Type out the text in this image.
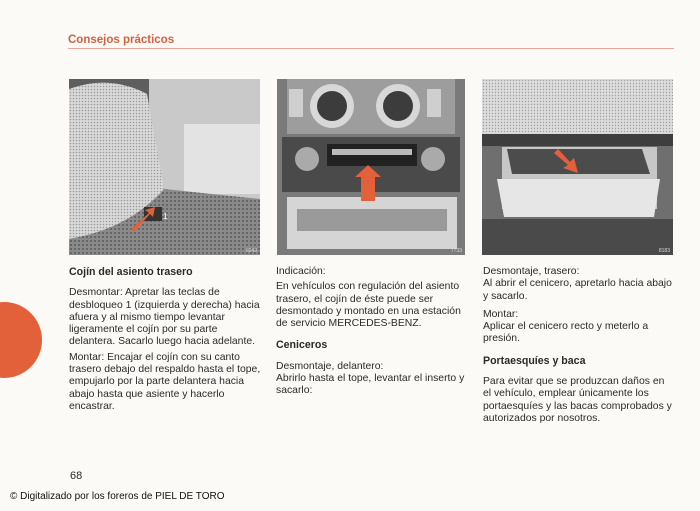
Consejos prácticos
1
6243	7733	8183
Cojín del asiento trasero

Desmontar: Apretar las teclas de desbloqueo 1 (izquierda y derecha) hacia afuera y al mismo tiempo levantar ligeramente el cojín por su parte delantera. Sacarlo luego hacia adelante.

Montar: Encajar el cojín con su canto trasero debajo del respaldo hasta el tope, empujarlo por la parte delantera hacia abajo hasta que asiente y hacerlo encastrar.

Indicación:

En vehículos con regulación del asiento trasero, el cojín de éste puede ser desmontado y montado en una estación de servicio MERCEDES-BENZ.

Ceniceros

Desmontaje, delantero:

Abrirlo hasta el tope, levantar el inserto y sacarlo:

Desmontaje, trasero:

Al abrir el cenicero, apretarlo hacia abajo y sacarlo.

Montar:

Aplicar el cenicero recto y meterlo a presión.

Portaesquíes y baca

Para evitar que se produzcan daños en el vehículo, emplear únicamente los portaesquíes y las bacas comprobados y autorizados por nosotros.

68
© Digitalizado por los foreros de PIEL DE TORO
